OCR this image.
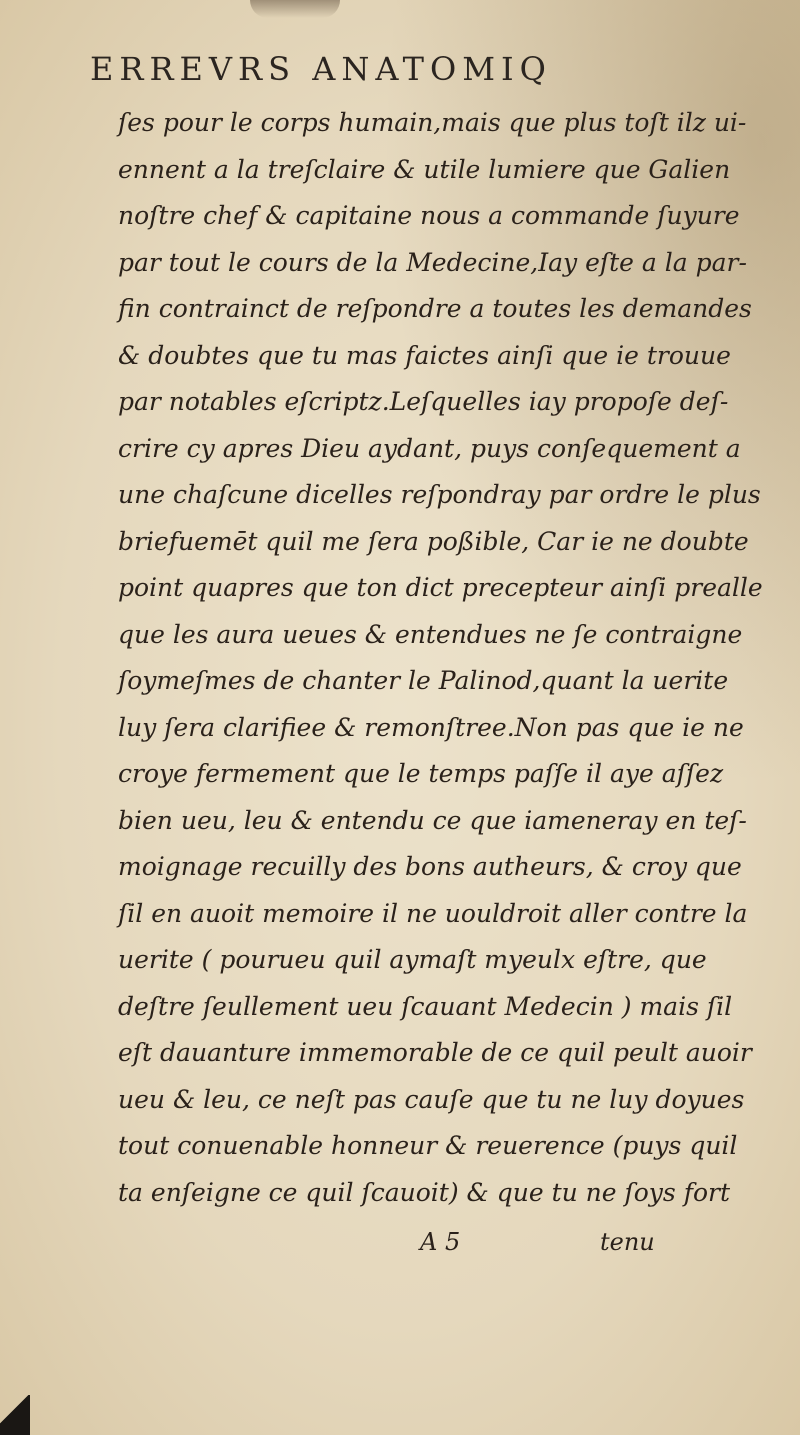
ERREVRS ANATOMIQ
ſes pour le corps humain,mais que plus toſt ilz ui-
ennent a la treſclaire & utile lumiere que Galien
noſtre chef & capitaine nous a commande ſuyure
par tout le cours de la Medecine,Iay eſte a la par-
fin contrainct de reſpondre a toutes les demandes
& doubtes que tu mas faictes ainſi que ie trouue
par notables eſcriptz.Leſquelles iay propoſe deſ-
crire cy apres Dieu aydant, puys conſequement a
une chaſcune dicelles reſpondray par ordre le plus
briefuemēt quil me ſera poßible, Car ie ne doubte
point quapres que ton dict precepteur ainſi prealle
que les aura ueues & entendues ne ſe contraigne
ſoymeſmes de chanter le Palinod,quant la uerite
luy ſera clarifiee & remonſtree.Non pas que ie ne
croye fermement que le temps paſſe il aye aſſez
bien ueu, leu & entendu ce que iameneray en teſ-
moignage recuilly des bons autheurs, & croy que
ſil en auoit memoire il ne uouldroit aller contre la
uerite ( pourueu quil aymaſt myeulx eſtre, que
deſtre ſeullement ueu ſcauant Medecin ) mais ſil
eſt dauanture immemorable de ce quil peult auoir
ueu & leu, ce neſt pas cauſe que tu ne luy doyues
tout conuenable honneur & reuerence (puys quil
ta enſeigne ce quil ſcauoit) & que tu ne ſoys fort
A 5	tenu
